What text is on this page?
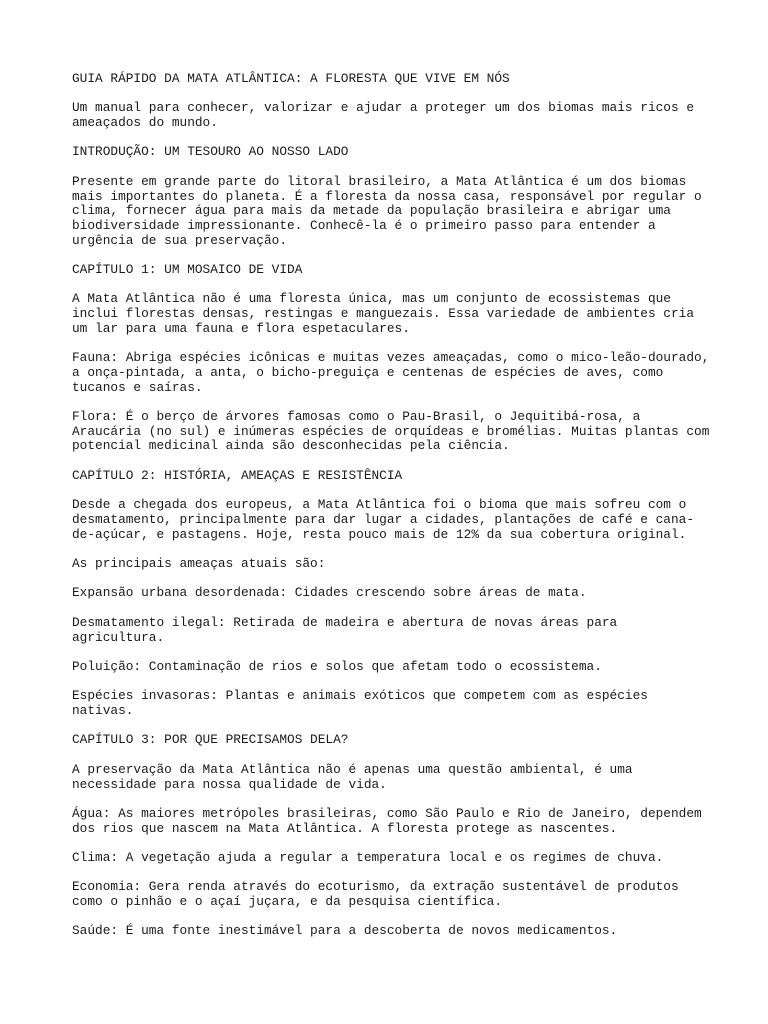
GUIA RÁPIDO DA MATA ATLÂNTICA: A FLORESTA QUE VIVE EM NÓS

Um manual para conhecer, valorizar e ajudar a proteger um dos biomas mais ricos e ameaçados do mundo.

INTRODUÇÃO: UM TESOURO AO NOSSO LADO

Presente em grande parte do litoral brasileiro, a Mata Atlântica é um dos biomas mais importantes do planeta. É a floresta da nossa casa, responsável por regular o clima, fornecer água para mais da metade da população brasileira e abrigar uma biodiversidade impressionante. Conhecê-la é o primeiro passo para entender a urgência de sua preservação.

CAPÍTULO 1: UM MOSAICO DE VIDA

A Mata Atlântica não é uma floresta única, mas um conjunto de ecossistemas que inclui florestas densas, restingas e manguezais. Essa variedade de ambientes cria um lar para uma fauna e flora espetaculares.

Fauna: Abriga espécies icônicas e muitas vezes ameaçadas, como o mico-leão-dourado, a onça-pintada, a anta, o bicho-preguiça e centenas de espécies de aves, como tucanos e saíras.

Flora: É o berço de árvores famosas como o Pau-Brasil, o Jequitibá-rosa, a Araucária (no sul) e inúmeras espécies de orquídeas e bromélias. Muitas plantas com potencial medicinal ainda são desconhecidas pela ciência.

CAPÍTULO 2: HISTÓRIA, AMEAÇAS E RESISTÊNCIA

Desde a chegada dos europeus, a Mata Atlântica foi o bioma que mais sofreu com o desmatamento, principalmente para dar lugar a cidades, plantações de café e cana-de-açúcar, e pastagens. Hoje, resta pouco mais de 12% da sua cobertura original.

As principais ameaças atuais são:

Expansão urbana desordenada: Cidades crescendo sobre áreas de mata.

Desmatamento ilegal: Retirada de madeira e abertura de novas áreas para agricultura.

Poluição: Contaminação de rios e solos que afetam todo o ecossistema.

Espécies invasoras: Plantas e animais exóticos que competem com as espécies nativas.

CAPÍTULO 3: POR QUE PRECISAMOS DELA?

A preservação da Mata Atlântica não é apenas uma questão ambiental, é uma necessidade para nossa qualidade de vida.

Água: As maiores metrópoles brasileiras, como São Paulo e Rio de Janeiro, dependem dos rios que nascem na Mata Atlântica. A floresta protege as nascentes.

Clima: A vegetação ajuda a regular a temperatura local e os regimes de chuva.

Economia: Gera renda através do ecoturismo, da extração sustentável de produtos como o pinhão e o açaí juçara, e da pesquisa científica.

Saúde: É uma fonte inestimável para a descoberta de novos medicamentos.
